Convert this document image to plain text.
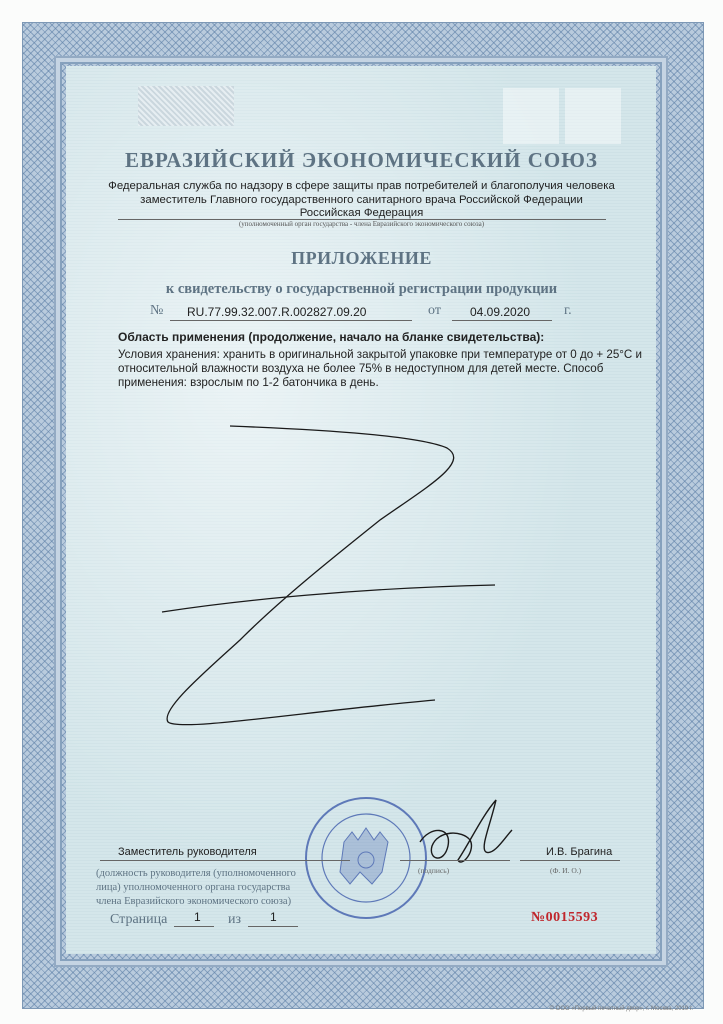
ЕВРАЗИЙСКИЙ ЭКОНОМИЧЕСКИЙ СОЮЗ
Федеральная служба по надзору в сфере защиты прав потребителей и благополучия человека
заместитель Главного государственного санитарного врача Российской Федерации
Российская Федерация
(уполномоченный орган государства - члена Евразийского экономического союза)
ПРИЛОЖЕНИЕ
к свидетельству о государственной регистрации продукции
№ RU.77.99.32.007.R.002827.09.20	от 04.09.2020 г.
Область применения (продолжение, начало на бланке свидетельства):
Условия хранения: хранить в оригинальной закрытой упаковке при температуре от 0 до + 25°С и
относительной влажности воздуха не более 75% в недоступном для детей месте. Способ
применения: взрослым по 1-2 батончика в день.
Заместитель руководителя	И.В. Брагина
(должность руководителя (уполномоченного
лица) уполномоченного органа государства
члена Евразийского экономического союза)
(подпись)	(Ф. И. О.)
Страница 1 из 1	№0015593
© ООО «Первый печатный двор», г. Москва, 2019 г.
